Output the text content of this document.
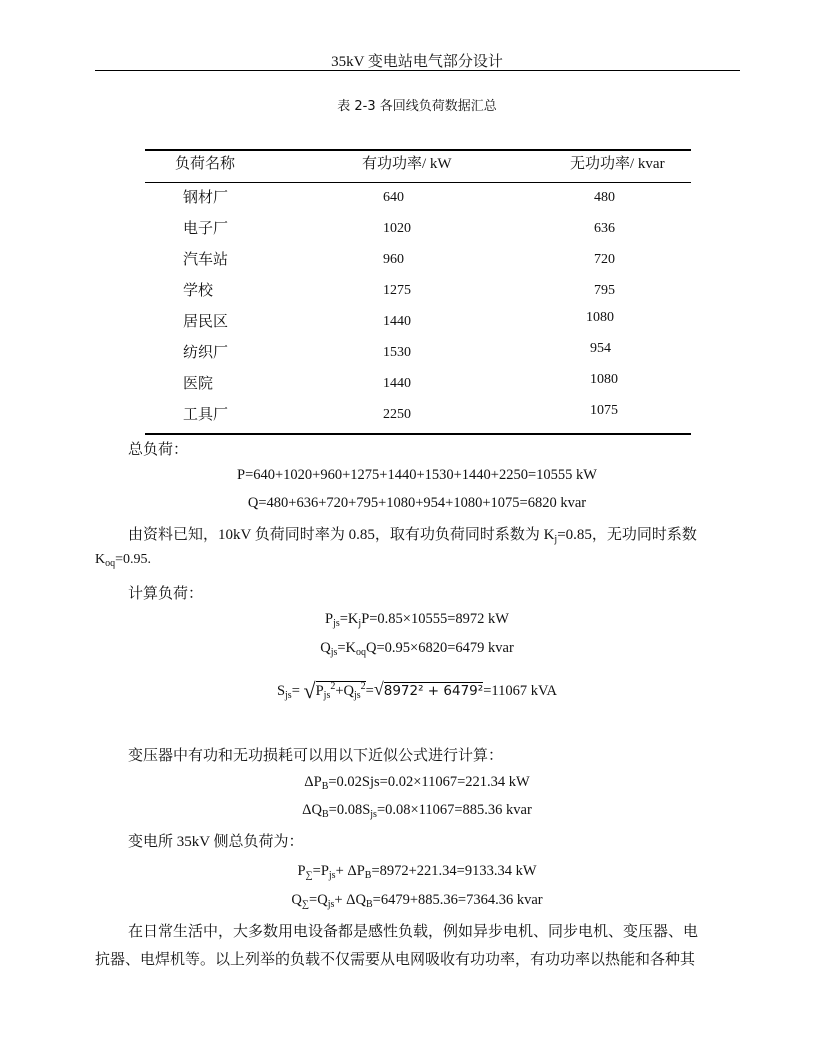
35kV 变电站电气部分设计
表 2-3 各回线负荷数据汇总
负荷名称	有功功率/ kW	无功功率/ kvar
钢材厂	640	480
电子厂	1020	636
汽车站	960	720
学校	1275	795
居民区	1440	1080
纺织厂	1530	954
医院	1440	1080
工具厂	2250	1075
总负荷：
P=640+1020+960+1275+1440+1530+1440+2250=10555 kW
Q=480+636+720+795+1080+954+1080+1075=6820 kvar
由资料已知，10kV 负荷同时率为 0.85，取有功负荷同时系数为 $K_j=0.85$，无功同时系数
$K_{oq}=0.95$.
计算负荷：
$P_{js}=K_jP=0.85\times 10555=8972$ kW
$Q_{js}=K_{oq}Q=0.95\times 6820=6479$ kvar
$S_{js}= √P_{js}^2+Q_{js}^2=√8972^2 + 6479^2=11067$ kVA
变压器中有功和无功损耗可以用以下近似公式进行计算：
$\Delta P_B=0.02Sjs=0.02\times 11067=221.34$ kW
$\Delta Q_B=0.08S_{js}=0.08\times 11067=885.36$ kvar
变电所 35kV 侧总负荷为：
$P_\sum=P_{js}+ \Delta P_B=8972+221.34=9133.34$ kW
$Q_\sum=Q_{js}+ \Delta Q_B=6479+885.36=7364.36$ kvar
在日常生活中，大多数用电设备都是感性负载，例如异步电机、同步电机、变压器、电
抗器、电焊机等。以上列举的负载不仅需要从电网吸收有功功率，有功功率以热能和各种其
